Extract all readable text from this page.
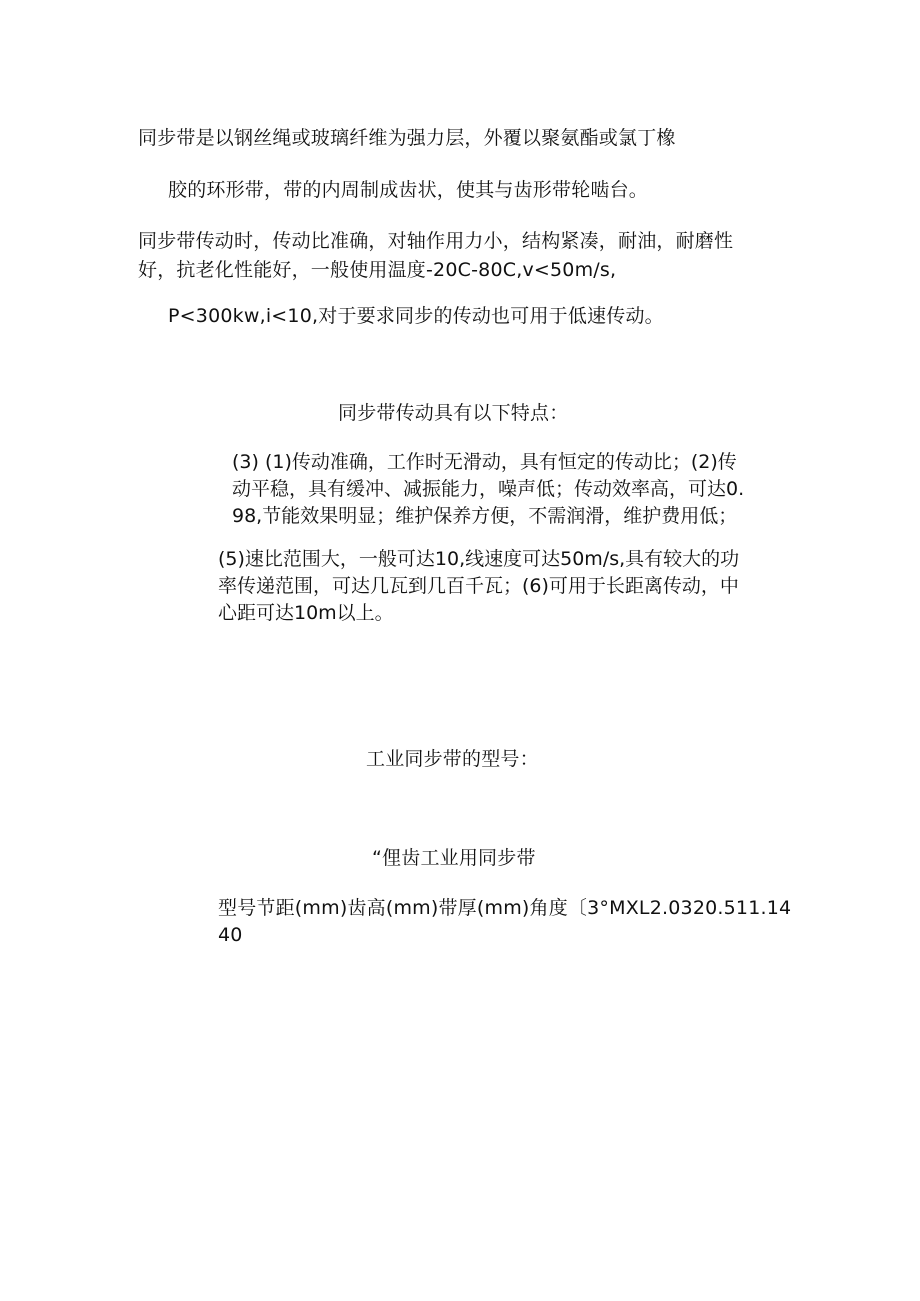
同步带是以钢丝绳或玻璃纤维为强力层，外覆以聚氨酯或氯丁橡
胶的环形带，带的内周制成齿状，使其与齿形带轮啮台。
同步带传动时，传动比准确，对轴作用力小，结构紧凑，耐油，耐磨性
好，抗老化性能好，一般使用温度-20C-80C,v<50m/s,
P<300kw,i<10,对于要求同步的传动也可用于低速传动。
同步带传动具有以下特点：
(3) (1)传动准确，工作时无滑动，具有恒定的传动比；(2)传
动平稳，具有缓冲、减振能力，噪声低；传动效率高，可达0.
98,节能效果明显；维护保养方便，不需润滑，维护费用低；
(5)速比范围大，一般可达10,线速度可达50m/s,具有较大的功
率传递范围，可达几瓦到几百千瓦；(6)可用于长距离传动，中
心距可达10m以上。
工业同步带的型号：
“俚齿工业用同步带
型号节距(mm)齿高(mm)带厚(mm)角度〔3°MXL2.0320.511.14
40
